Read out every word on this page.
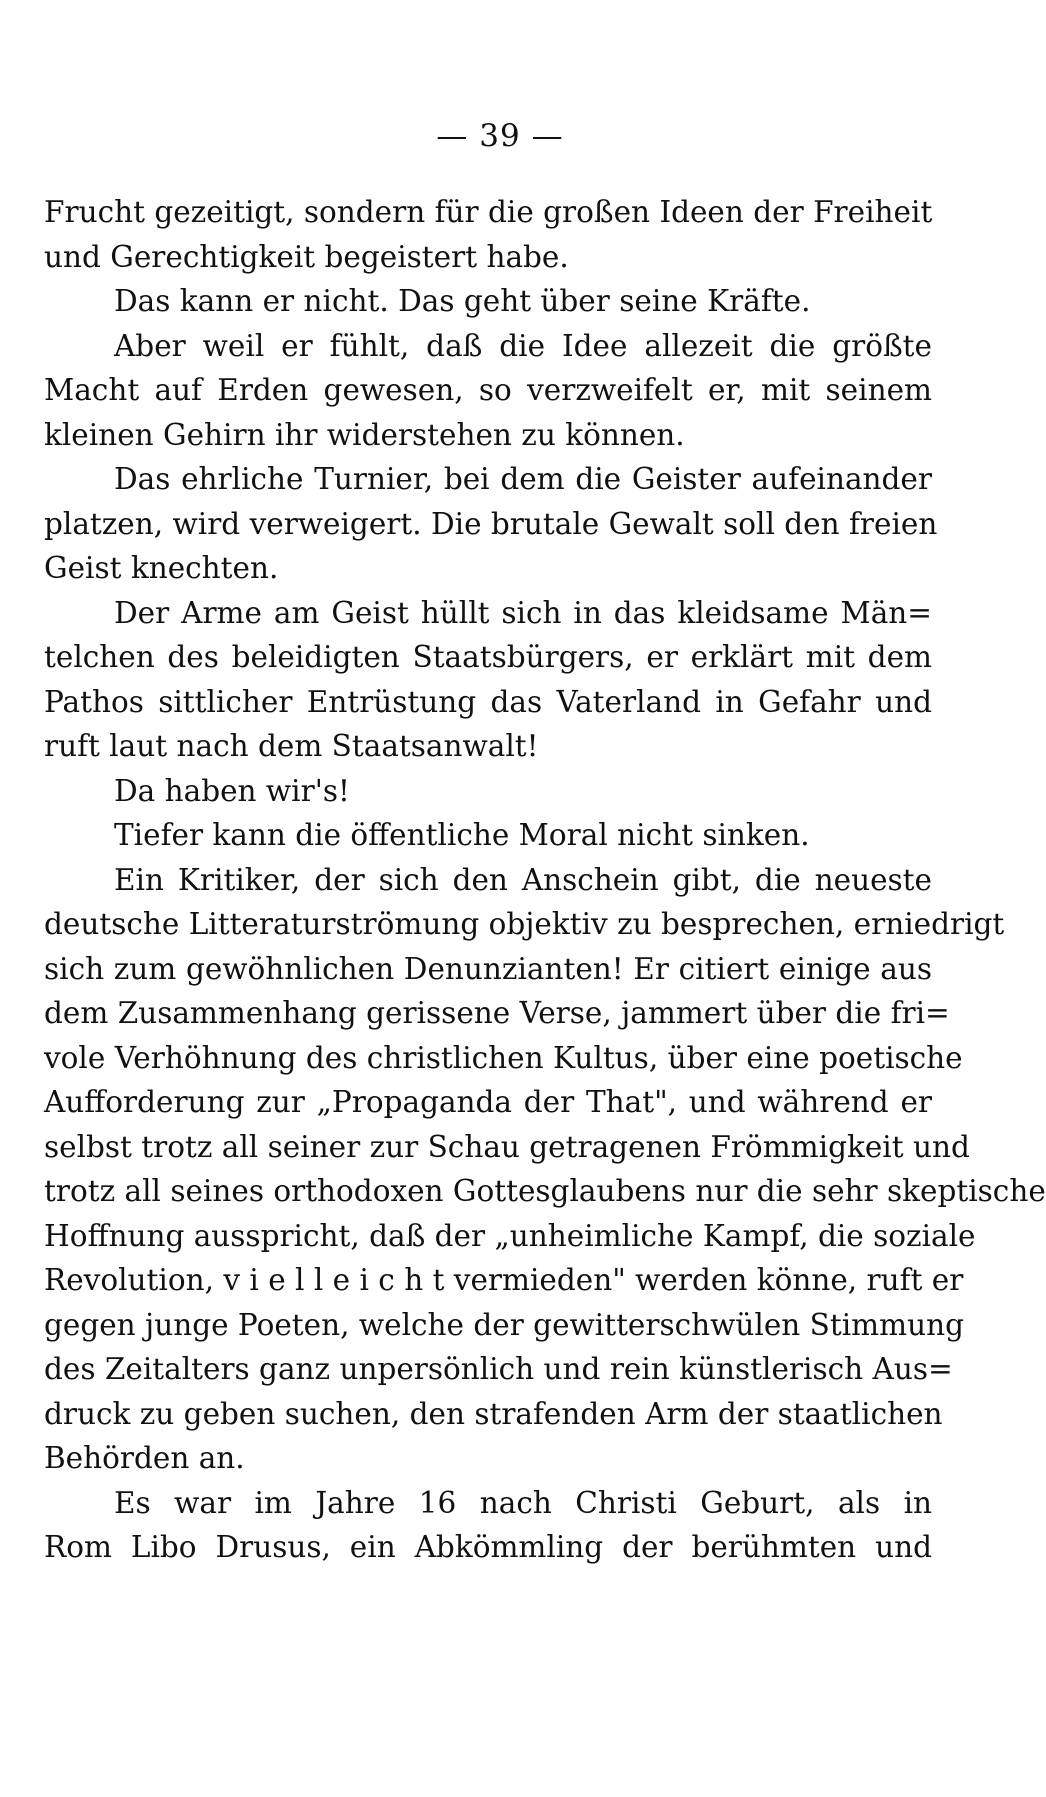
— 39 —
Frucht gezeitigt, sondern für die großen Ideen der Freiheit
und Gerechtigkeit begeistert habe.
Das kann er nicht. Das geht über seine Kräfte.
Aber weil er fühlt, daß die Idee allezeit die größte
Macht auf Erden gewesen, so verzweifelt er, mit seinem
kleinen Gehirn ihr widerstehen zu können.
Das ehrliche Turnier, bei dem die Geister aufeinander
platzen, wird verweigert. Die brutale Gewalt soll den freien
Geist knechten.
Der Arme am Geist hüllt sich in das kleidsame Män=
telchen des beleidigten Staatsbürgers, er erklärt mit dem
Pathos sittlicher Entrüstung das Vaterland in Gefahr und
ruft laut nach dem Staatsanwalt!
Da haben wir's!
Tiefer kann die öffentliche Moral nicht sinken.
Ein Kritiker, der sich den Anschein gibt, die neueste
deutsche Litteraturströmung objektiv zu besprechen, erniedrigt
sich zum gewöhnlichen Denunzianten! Er citiert einige aus
dem Zusammenhang gerissene Verse, jammert über die fri=
vole Verhöhnung des christlichen Kultus, über eine poetische
Aufforderung zur „Propaganda der That", und während er
selbst trotz all seiner zur Schau getragenen Frömmigkeit und
trotz all seines orthodoxen Gottesglaubens nur die sehr skeptische
Hoffnung ausspricht, daß der „unheimliche Kampf, die soziale
Revolution, v i e l l e i c h t vermieden" werden könne, ruft er
gegen junge Poeten, welche der gewitterschwülen Stimmung
des Zeitalters ganz unpersönlich und rein künstlerisch Aus=
druck zu geben suchen, den strafenden Arm der staatlichen
Behörden an.
Es war im Jahre 16 nach Christi Geburt, als in
Rom Libo Drusus, ein Abkömmling der berühmten und
